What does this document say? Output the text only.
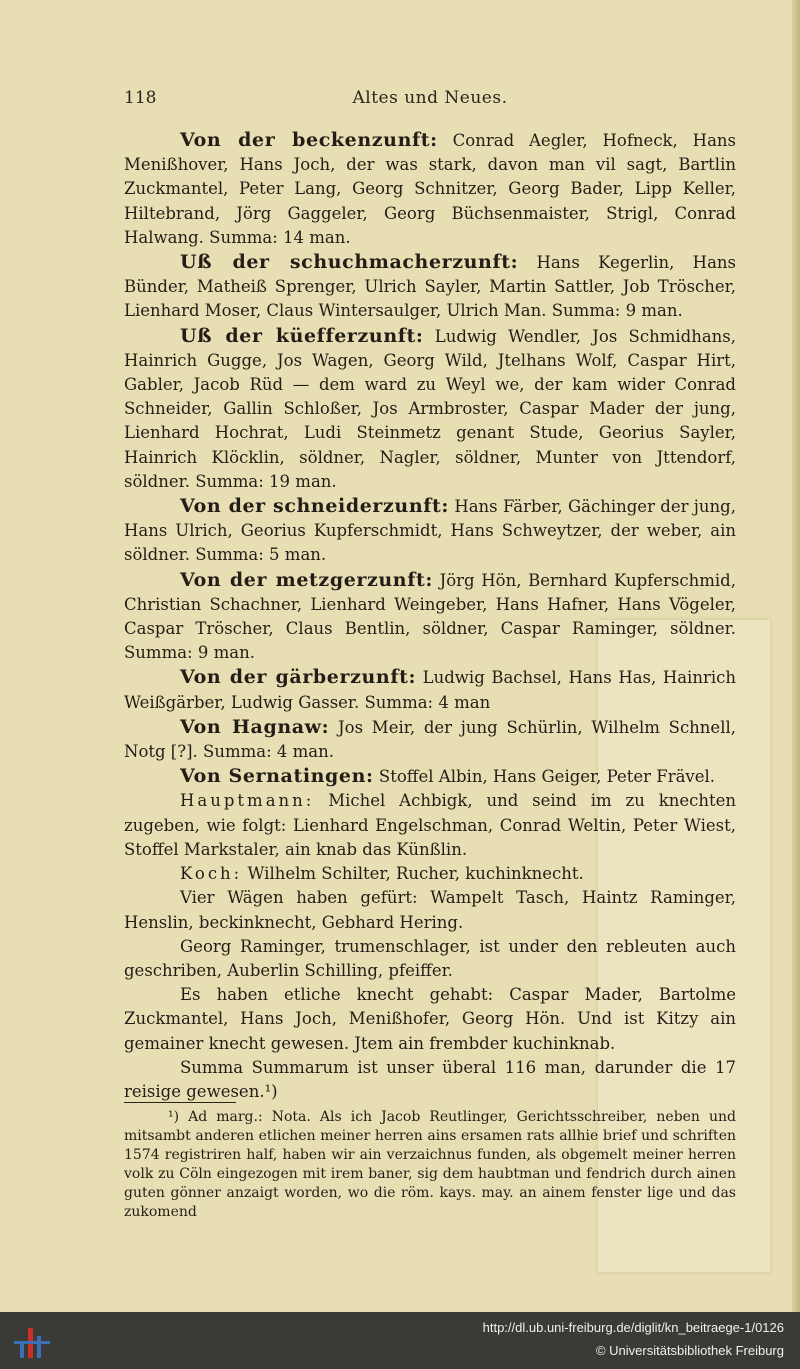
118	Altes und Neues.

Von der beckenzunft: Conrad Aegler, Hofneck, Hans Menißhover, Hans Joch, der was stark, davon man vil sagt, Bartlin Zuckmantel, Peter Lang, Georg Schnitzer, Georg Bader, Lipp Keller, Hiltebrand, Jörg Gaggeler, Georg Büchsenmaister, Strigl, Conrad Halwang. Summa: 14 man.

Uß der schuchmacherzunft: Hans Kegerlin, Hans Bünder, Matheiß Sprenger, Ulrich Sayler, Martin Sattler, Job Tröscher, Lienhard Moser, Claus Wintersaulger, Ulrich Man. Summa: 9 man.

Uß der küefferzunft: Ludwig Wendler, Jos Schmidhans, Hainrich Gugge, Jos Wagen, Georg Wild, Jtelhans Wolf, Caspar Hirt, Gabler, Jacob Rüd — dem ward zu Weyl we, der kam wider Conrad Schneider, Gallin Schloßer, Jos Armbroster, Caspar Mader der jung, Lienhard Hochrat, Ludi Steinmetz genant Stude, Georius Sayler, Hainrich Klöcklin, söldner, Nagler, söldner, Munter von Jttendorf, söldner. Summa: 19 man.

Von der schneiderzunft: Hans Färber, Gächinger der jung, Hans Ulrich, Georius Kupferschmidt, Hans Schweytzer, der weber, ain söldner. Summa: 5 man.

Von der metzgerzunft: Jörg Hön, Bernhard Kupferschmid, Christian Schachner, Lienhard Weingeber, Hans Hafner, Hans Vögeler, Caspar Tröscher, Claus Bentlin, söldner, Caspar Raminger, söldner. Summa: 9 man.

Von der gärberzunft: Ludwig Bachsel, Hans Has, Hainrich Weißgärber, Ludwig Gasser. Summa: 4 man

Von Hagnaw: Jos Meir, der jung Schürlin, Wilhelm Schnell, Notg [?]. Summa: 4 man.

Von Sernatingen: Stoffel Albin, Hans Geiger, Peter Frävel.

Hauptmann: Michel Achbigk, und seind im zu knechten zugeben, wie folgt: Lienhard Engelschman, Conrad Weltin, Peter Wiest, Stoffel Markstaler, ain knab das Künßlin.

Koch: Wilhelm Schilter, Rucher, kuchinknecht.

Vier Wägen haben gefürt: Wampelt Tasch, Haintz Raminger, Henslin, beckinknecht, Gebhard Hering.

Georg Raminger, trumenschlager, ist under den rebleuten auch geschriben, Auberlin Schilling, pfeiffer.

Es haben etliche knecht gehabt: Caspar Mader, Bartolme Zuckmantel, Hans Joch, Menißhofer, Georg Hön. Und ist Kitzy ain gemainer knecht gewesen. Jtem ain frembder kuchinknab.

Summa Summarum ist unser überal 116 man, darunder die 17 reisige gewesen.¹)

¹) Ad marg.: Nota. Als ich Jacob Reutlinger, Gerichtsschreiber, neben und mitsambt anderen etlichen meiner herren ains ersamen rats allhie brief und schriften 1574 registriren half, haben wir ain verzaichnus funden, als obgemelt meiner herren volk zu Cöln eingezogen mit irem baner, sig dem haubtman und fendrich durch ainen guten gönner anzaigt worden, wo die röm. kays. may. an ainem fenster lige und das zukomend

http://dl.ub.uni-freiburg.de/diglit/kn_beitraege-1/0126
© Universitätsbibliothek Freiburg
